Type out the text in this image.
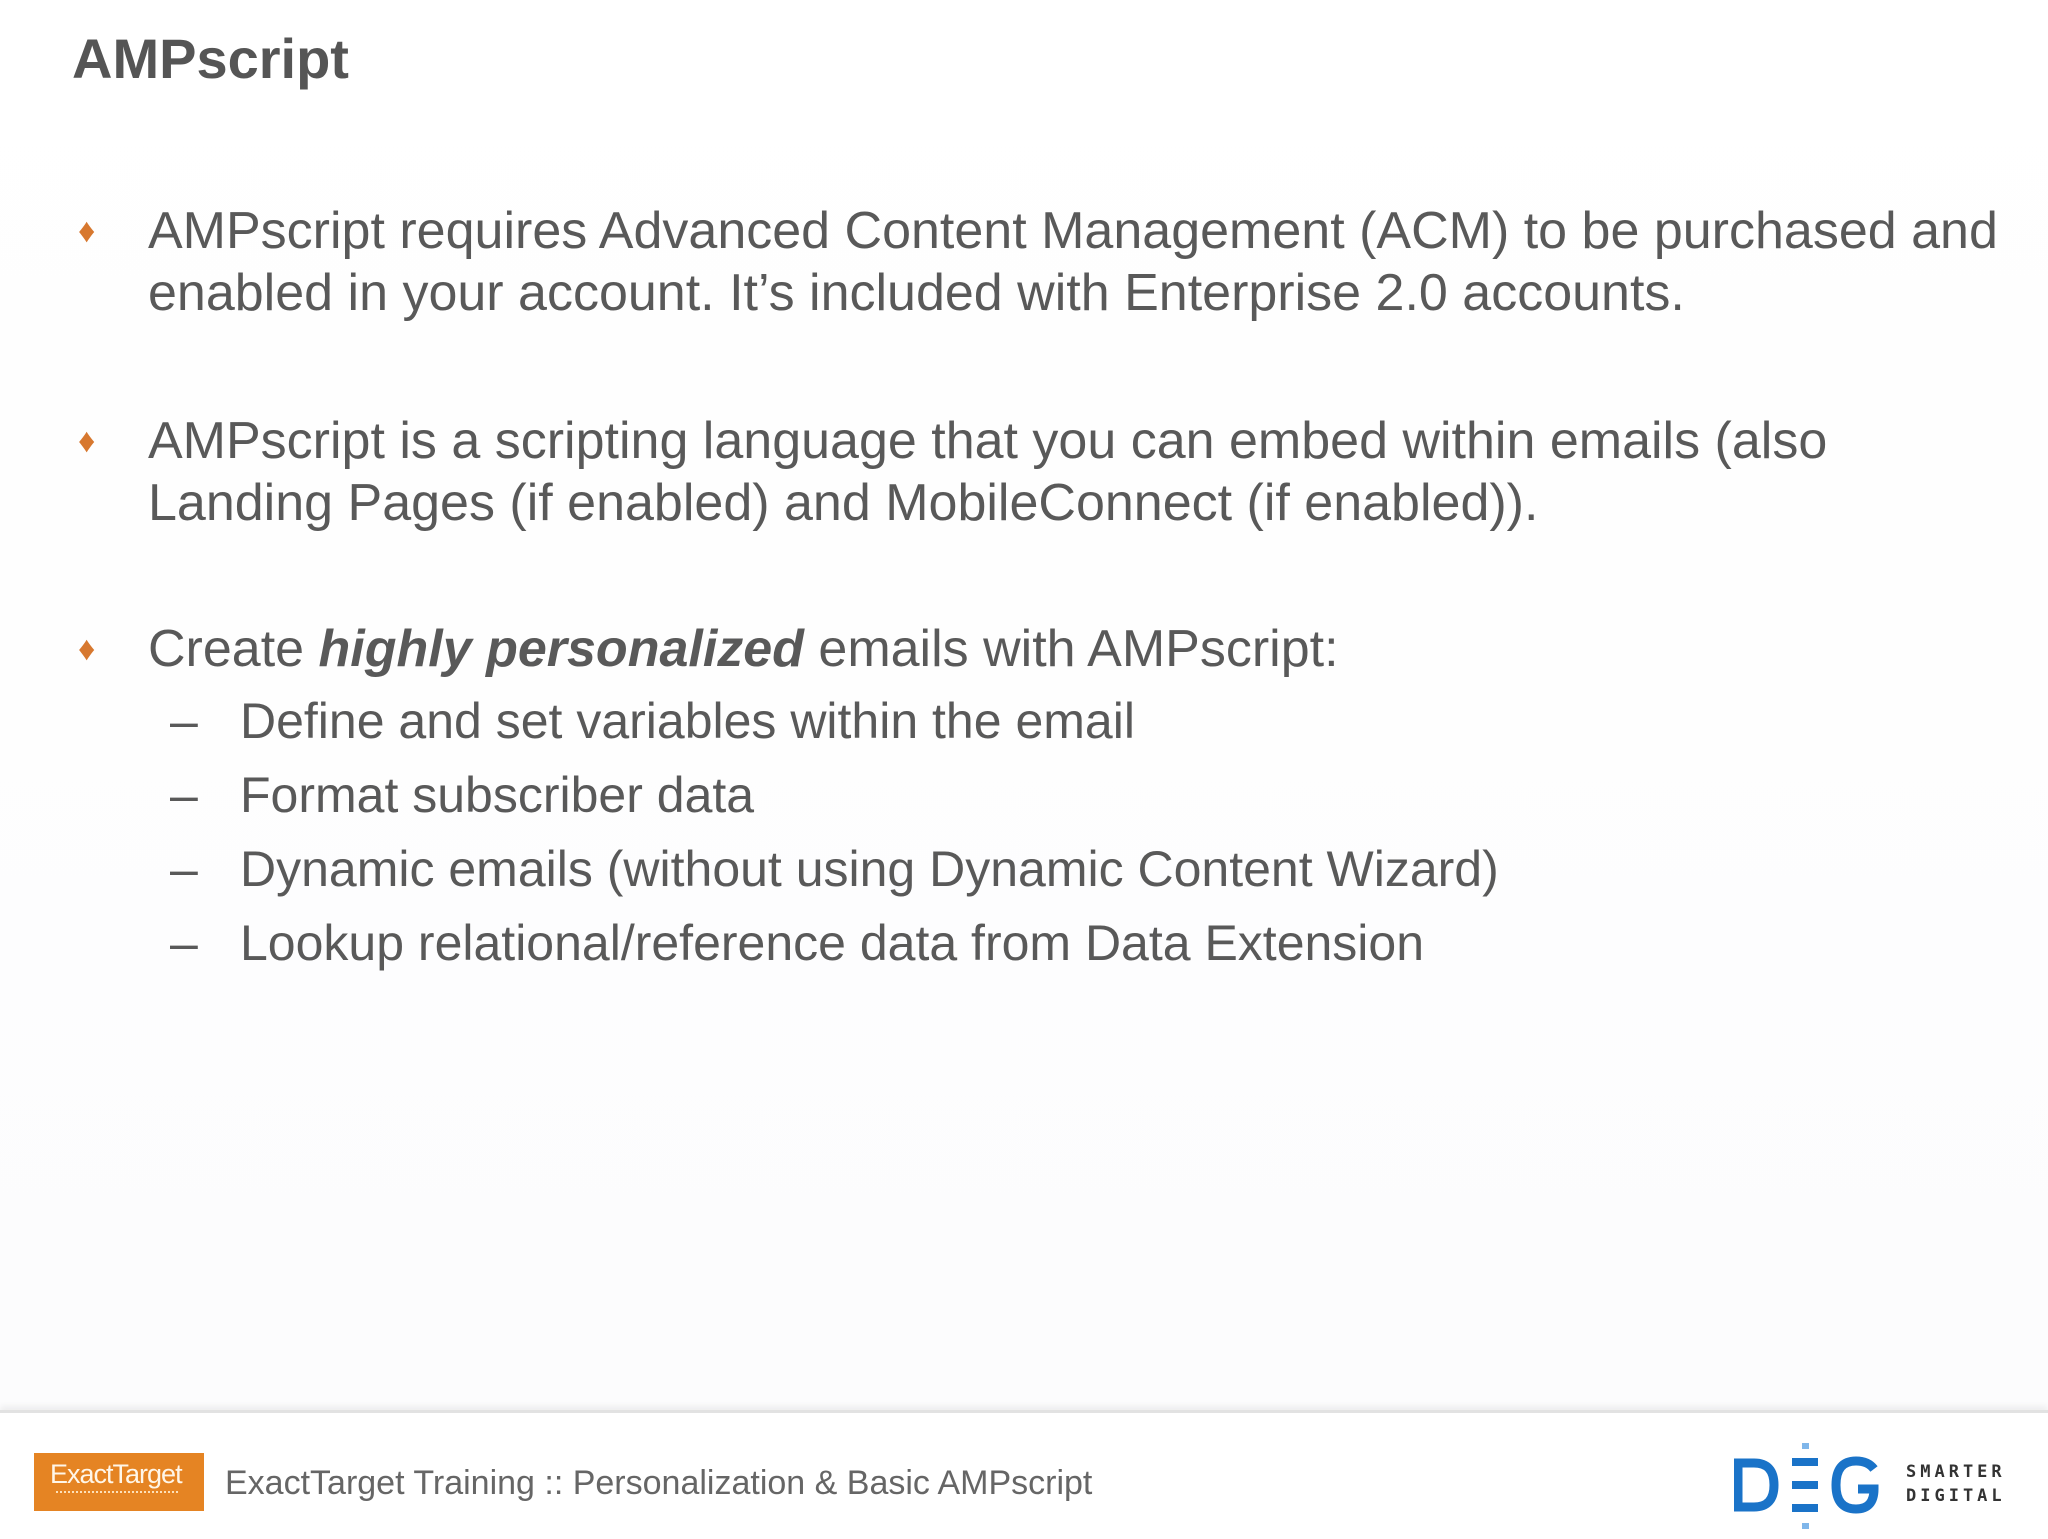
AMPscript
♦	AMPscript requires Advanced Content Management (ACM) to be purchased and enabled in your account. It’s included with Enterprise 2.0 accounts.
♦	AMPscript is a scripting language that you can embed within emails (also Landing Pages (if enabled) and MobileConnect (if enabled)).
♦	Create highly personalized emails with AMPscript:
– Define and set variables within the email
– Format subscriber data
– Dynamic emails (without using Dynamic Content Wizard)
– Lookup relational/reference data from Data Extension
ExactTarget ExactTarget Training :: Personalization & Basic AMPscript	SMARTER
DIGITAL
